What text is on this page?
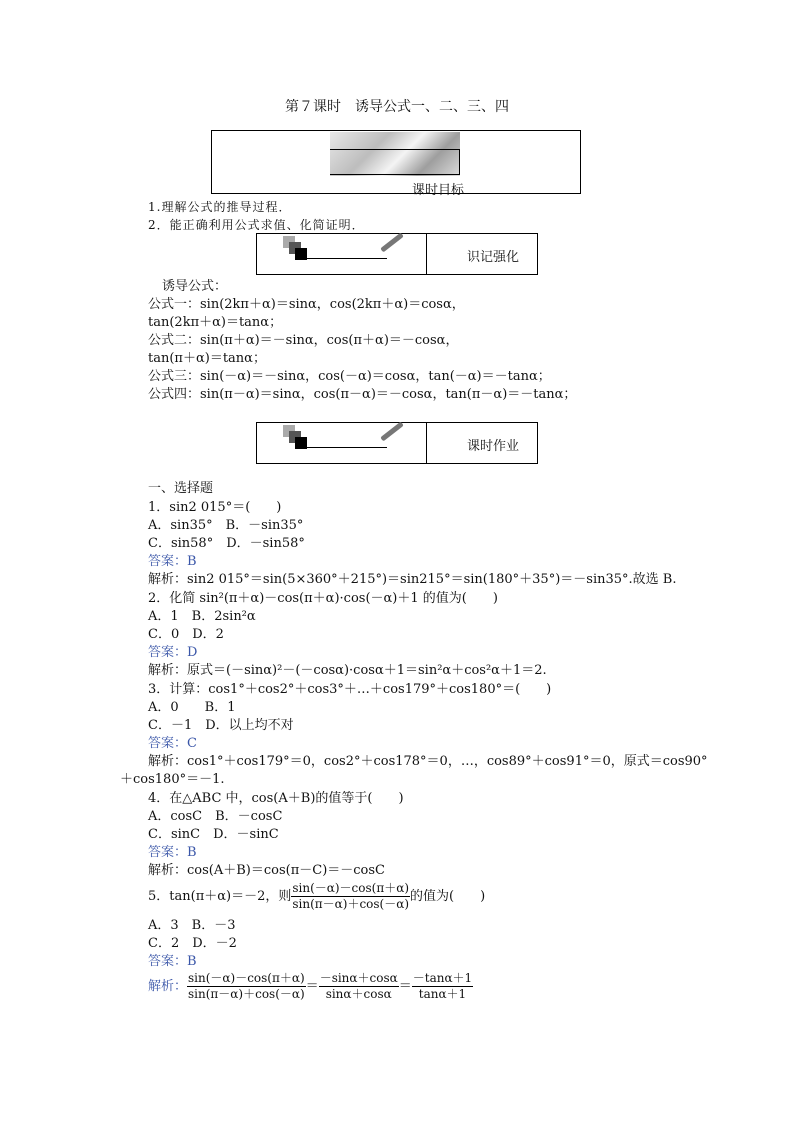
第７课时　诱导公式一、二、三、四
课时目标
1.理解公式的推导过程．
2．能正确利用公式求值、化简证明．
识记强化
诱导公式：
公式一：sin(2kπ＋α)＝sinα，cos(2kπ＋α)＝cosα，
tan(2kπ＋α)＝tanα；
公式二：sin(π＋α)＝－sinα，cos(π＋α)＝－cosα，
tan(π＋α)＝tanα；
公式三：sin(－α)＝－sinα，cos(－α)＝cosα，tan(－α)＝－tanα；
公式四：sin(π－α)＝sinα，cos(π－α)＝－cosα，tan(π－α)＝－tanα；
课时作业
一、选择题
1．sin2 015°＝(　　)
A．sin35°　B．－sin35°
C．sin58°　D．－sin58°
答案：B
解析：sin2 015°＝sin(5×360°＋215°)＝sin215°＝sin(180°＋35°)＝－sin35°.故选 B.
2．化简 sin²(π＋α)－cos(π＋α)·cos(－α)＋1 的值为(　　)
A．1　B．2sin²α
C．0　D．2
答案：D
解析：原式＝(－sinα)²－(－cosα)·cosα＋1＝sin²α＋cos²α＋1＝2.
3．计算：cos1°＋cos2°＋cos3°＋…＋cos179°＋cos180°＝(　　)
A．0　　B．1
C．－1　D．以上均不对
答案：C
解析：cos1°＋cos179°＝0，cos2°＋cos178°＝0，…，cos89°＋cos91°＝0，原式＝cos90°
＋cos180°＝－1.
4．在△ABC 中，cos(A＋B)的值等于(　　)
A．cosC　B．－cosC
C．sinC　D．－sinC
答案：B
解析：cos(A＋B)＝cos(π－C)＝－cosC
5．tan(π＋α)＝－2，则 $\frac{\sin(-\alpha)-\cos(\pi+\alpha)}{\sin(\pi-\alpha)+\cos(-\alpha)}$ 的值为(　　)
A．3　B．－3
C．2　D．－2
答案：B
解析： $\frac{\sin(-\alpha)-\cos(\pi+\alpha)}{\sin(\pi-\alpha)+\cos(-\alpha)} = \frac{-\sin\alpha+\cos\alpha}{\sin\alpha+\cos\alpha} = \frac{-\tan\alpha+1}{\tan\alpha+1}$
